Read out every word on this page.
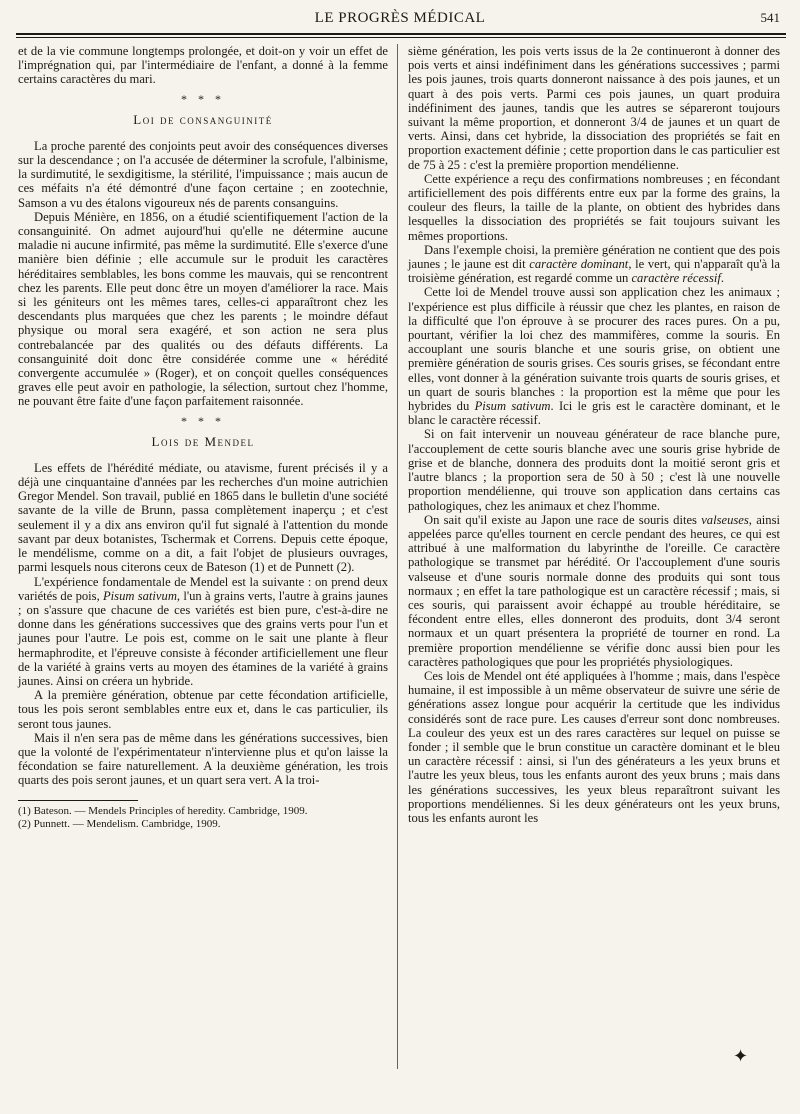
LE PROGRÈS MÉDICAL	541

et de la vie commune longtemps prolongée, et doit-on y voir un effet de l'imprégnation qui, par l'intermédiaire de l'enfant, a donné à la femme certains caractères du mari.

* * *
Loi de consanguinité

La proche parenté des conjoints peut avoir des conséquences diverses sur la descendance ; on l'a accusée de déterminer la scrofule, l'albinisme, la surdimutité, le sexdigitisme, la stérilité, l'impuissance ; mais aucun de ces méfaits n'a été démontré d'une façon certaine ; en zootechnie, Samson a vu des étalons vigoureux nés de parents consanguins.

Depuis Ménière, en 1856, on a étudié scientifiquement l'action de la consanguinité. On admet aujourd'hui qu'elle ne détermine aucune maladie ni aucune infirmité, pas même la surdimutité. Elle s'exerce d'une manière bien définie ; elle accumule sur le produit les caractères héréditaires semblables, les bons comme les mauvais, qui se rencontrent chez les parents. Elle peut donc être un moyen d'améliorer la race. Mais si les géniteurs ont les mêmes tares, celles-ci apparaîtront chez les descendants plus marquées que chez les parents ; le moindre défaut physique ou moral sera exagéré, et son action ne sera plus contrebalancée par des qualités ou des défauts différents. La consanguinité doit donc être considérée comme une « hérédité convergente accumulée » (Roger), et on conçoit quelles conséquences graves elle peut avoir en pathologie, la sélection, surtout chez l'homme, ne pouvant être faite d'une façon parfaitement raisonnée.

* * *
Lois de Mendel

Les effets de l'hérédité médiate, ou atavisme, furent précisés il y a déjà une cinquantaine d'années par les recherches d'un moine autrichien Gregor Mendel. Son travail, publié en 1865 dans le bulletin d'une société savante de la ville de Brunn, passa complètement inaperçu ; et c'est seulement il y a dix ans environ qu'il fut signalé à l'attention du monde savant par deux botanistes, Tschermak et Correns. Depuis cette époque, le mendélisme, comme on a dit, a fait l'objet de plusieurs ouvrages, parmi lesquels nous citerons ceux de Bateson (1) et de Punnett (2).

L'expérience fondamentale de Mendel est la suivante : on prend deux variétés de pois, Pisum sativum, l'un à grains verts, l'autre à grains jaunes ; on s'assure que chacune de ces variétés est bien pure, c'est-à-dire ne donne dans les générations successives que des grains verts pour l'un et jaunes pour l'autre. Le pois est, comme on le sait une plante à fleur hermaphrodite, et l'épreuve consiste à féconder artificiellement une fleur de la variété à grains verts au moyen des étamines de la variété à grains jaunes. Ainsi on créera un hybride.

A la première génération, obtenue par cette fécondation artificielle, tous les pois seront semblables entre eux et, dans le cas particulier, ils seront tous jaunes.

Mais il n'en sera pas de même dans les générations successives, bien que la volonté de l'expérimentateur n'intervienne plus et qu'on laisse la fécondation se faire naturellement. A la deuxième génération, les trois quarts des pois seront jaunes, et un quart sera vert. A la troi-

(1) Bateson. — Mendels Principles of heredity. Cambridge, 1909.

(2) Punnett. — Mendelism. Cambridge, 1909.

sième génération, les pois verts issus de la 2e continueront à donner des pois verts et ainsi indéfiniment dans les générations successives ; parmi les pois jaunes, trois quarts donneront naissance à des pois jaunes, et un quart à des pois verts. Parmi ces pois jaunes, un quart produira indéfiniment des jaunes, tandis que les autres se sépareront toujours suivant la même proportion, et donneront 3/4 de jaunes et un quart de verts. Ainsi, dans cet hybride, la dissociation des propriétés se fait en proportion exactement définie ; cette proportion dans le cas particulier est de 75 à 25 : c'est la première proportion mendélienne.

Cette expérience a reçu des confirmations nombreuses ; en fécondant artificiellement des pois différents entre eux par la forme des grains, la couleur des fleurs, la taille de la plante, on obtient des hybrides dans lesquelles la dissociation des propriétés se fait toujours suivant les mêmes proportions.

Dans l'exemple choisi, la première génération ne contient que des pois jaunes ; le jaune est dit caractère dominant, le vert, qui n'apparaît qu'à la troisième génération, est regardé comme un caractère récessif.

Cette loi de Mendel trouve aussi son application chez les animaux ; l'expérience est plus difficile à réussir que chez les plantes, en raison de la difficulté que l'on éprouve à se procurer des races pures. On a pu, pourtant, vérifier la loi chez des mammifères, comme la souris. En accouplant une souris blanche et une souris grise, on obtient une première génération de souris grises. Ces souris grises, se fécondant entre elles, vont donner à la génération suivante trois quarts de souris grises, et un quart de souris blanches : la proportion est la même que pour les hybrides du Pisum sativum. Ici le gris est le caractère dominant, et le blanc le caractère récessif.

Si on fait intervenir un nouveau générateur de race blanche pure, l'accouplement de cette souris blanche avec une souris grise hybride de grise et de blanche, donnera des produits dont la moitié seront gris et l'autre blancs ; la proportion sera de 50 à 50 ; c'est là une nouvelle proportion mendélienne, qui trouve son application dans certains cas pathologiques, chez les animaux et chez l'homme.

On sait qu'il existe au Japon une race de souris dites valseuses, ainsi appelées parce qu'elles tournent en cercle pendant des heures, ce qui est attribué à une malformation du labyrinthe de l'oreille. Ce caractère pathologique se transmet par hérédité. Or l'accouplement d'une souris valseuse et d'une souris normale donne des produits qui sont tous normaux ; en effet la tare pathologique est un caractère récessif ; mais, si ces souris, qui paraissent avoir échappé au trouble héréditaire, se fécondent entre elles, elles donneront des produits, dont 3/4 seront normaux et un quart présentera la propriété de tourner en rond. La première proportion mendélienne se vérifie donc aussi bien pour les caractères pathologiques que pour les propriétés physiologiques.

Ces lois de Mendel ont été appliquées à l'homme ; mais, dans l'espèce humaine, il est impossible à un même observateur de suivre une série de générations assez longue pour acquérir la certitude que les individus considérés sont de race pure. Les causes d'erreur sont donc nombreuses. La couleur des yeux est un des rares caractères sur lequel on puisse se fonder ; il semble que le brun constitue un caractère dominant et le bleu un caractère récessif : ainsi, si l'un des générateurs a les yeux bruns et l'autre les yeux bleus, tous les enfants auront des yeux bruns ; mais dans les générations successives, les yeux bleus reparaîtront suivant les proportions mendéliennes. Si les deux générateurs ont les yeux bruns, tous les enfants auront les

✦
